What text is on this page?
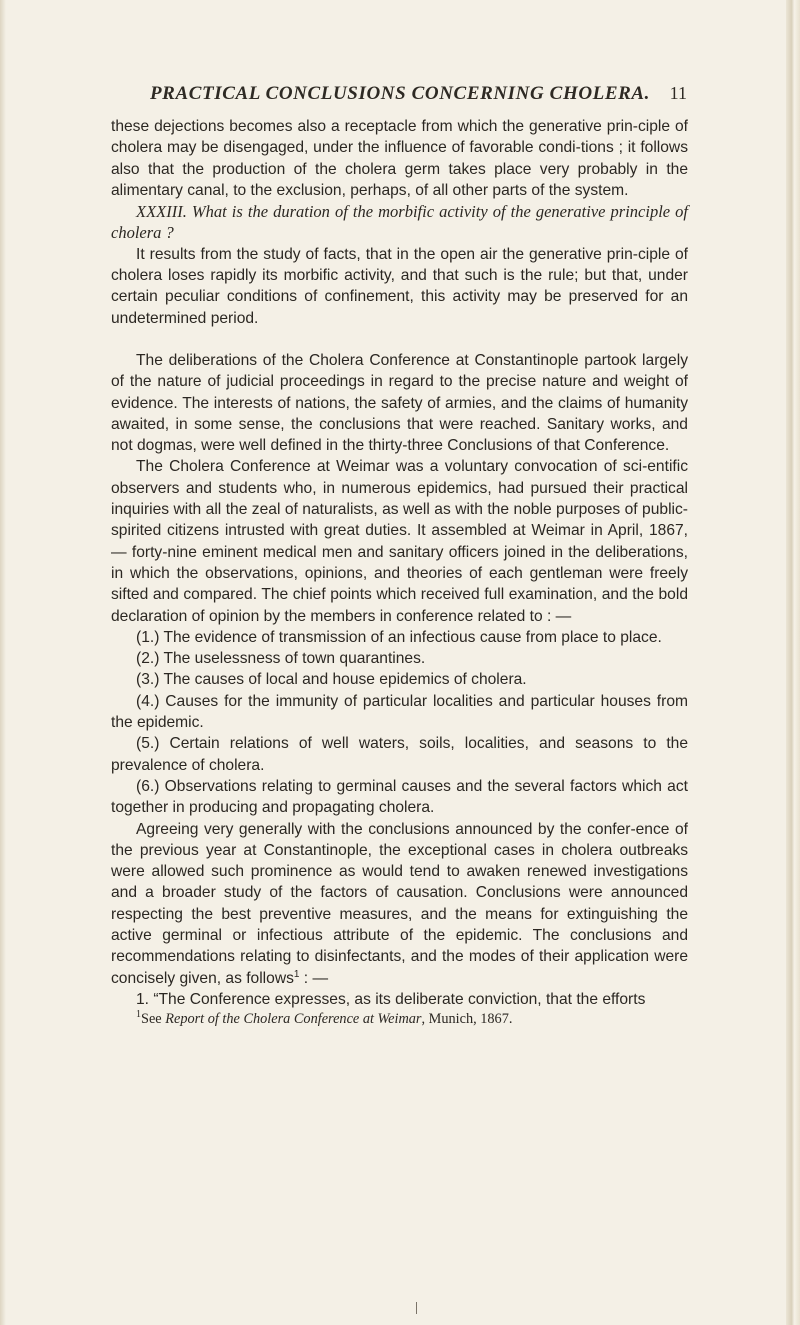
PRACTICAL CONCLUSIONS CONCERNING CHOLERA.	11

these dejections becomes also a receptacle from which the generative prin-ciple of cholera may be disengaged, under the influence of favorable condi-tions ; it follows also that the production of the cholera germ takes place very probably in the alimentary canal, to the exclusion, perhaps, of all other parts of the system.

XXXIII. What is the duration of the morbific activity of the generative principle of cholera ?

It results from the study of facts, that in the open air the generative prin-ciple of cholera loses rapidly its morbific activity, and that such is the rule; but that, under certain peculiar conditions of confinement, this activity may be preserved for an undetermined period.

The deliberations of the Cholera Conference at Constantinople partook largely of the nature of judicial proceedings in regard to the precise nature and weight of evidence. The interests of nations, the safety of armies, and the claims of humanity awaited, in some sense, the conclusions that were reached. Sanitary works, and not dogmas, were well defined in the thirty-three Conclusions of that Conference.

The Cholera Conference at Weimar was a voluntary convocation of sci-entific observers and students who, in numerous epidemics, had pursued their practical inquiries with all the zeal of naturalists, as well as with the noble purposes of public-spirited citizens intrusted with great duties. It assembled at Weimar in April, 1867, — forty-nine eminent medical men and sanitary officers joined in the deliberations, in which the observations, opinions, and theories of each gentleman were freely sifted and compared. The chief points which received full examination, and the bold declaration of opinion by the members in conference related to : —

(1.) The evidence of transmission of an infectious cause from place to place.

(2.) The uselessness of town quarantines.

(3.) The causes of local and house epidemics of cholera.

(4.) Causes for the immunity of particular localities and particular houses from the epidemic.

(5.) Certain relations of well waters, soils, localities, and seasons to the prevalence of cholera.

(6.) Observations relating to germinal causes and the several factors which act together in producing and propagating cholera.

Agreeing very generally with the conclusions announced by the confer-ence of the previous year at Constantinople, the exceptional cases in cholera outbreaks were allowed such prominence as would tend to awaken renewed investigations and a broader study of the factors of causation. Conclusions were announced respecting the best preventive measures, and the means for extinguishing the active germinal or infectious attribute of the epidemic. The conclusions and recommendations relating to disinfectants, and the modes of their application were concisely given, as follows$^1$ : —

1. “The Conference expresses, as its deliberate conviction, that the efforts

$^1$See Report of the Cholera Conference at Weimar, Munich, 1867.
